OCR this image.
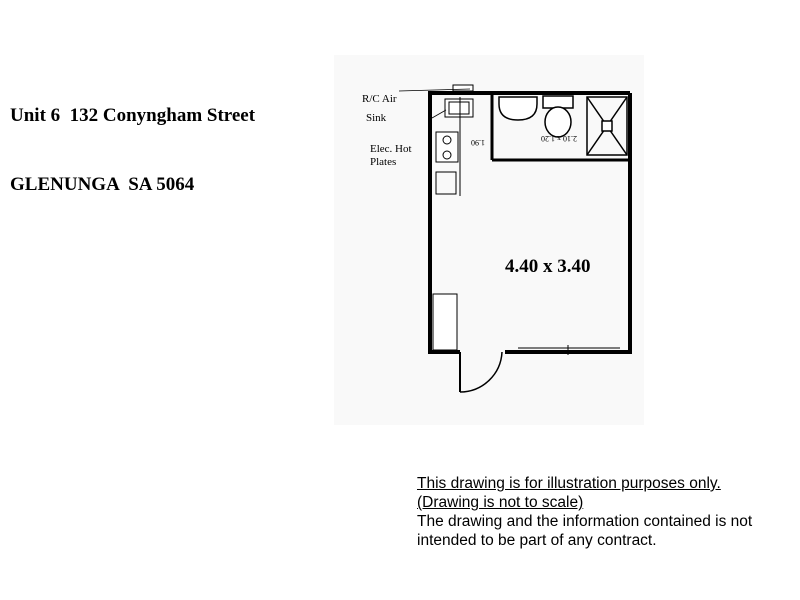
Unit 6  132 Conyngham Street

GLENUNGA  SA 5064

R/C Air
Sink
Elec. Hot
Plates
1.90	2.10 x 1.20
4.40 x 3.40
This drawing is for illustration purposes only.
(Drawing is not to scale)
The drawing and the information contained is not intended to be part of any contract.
